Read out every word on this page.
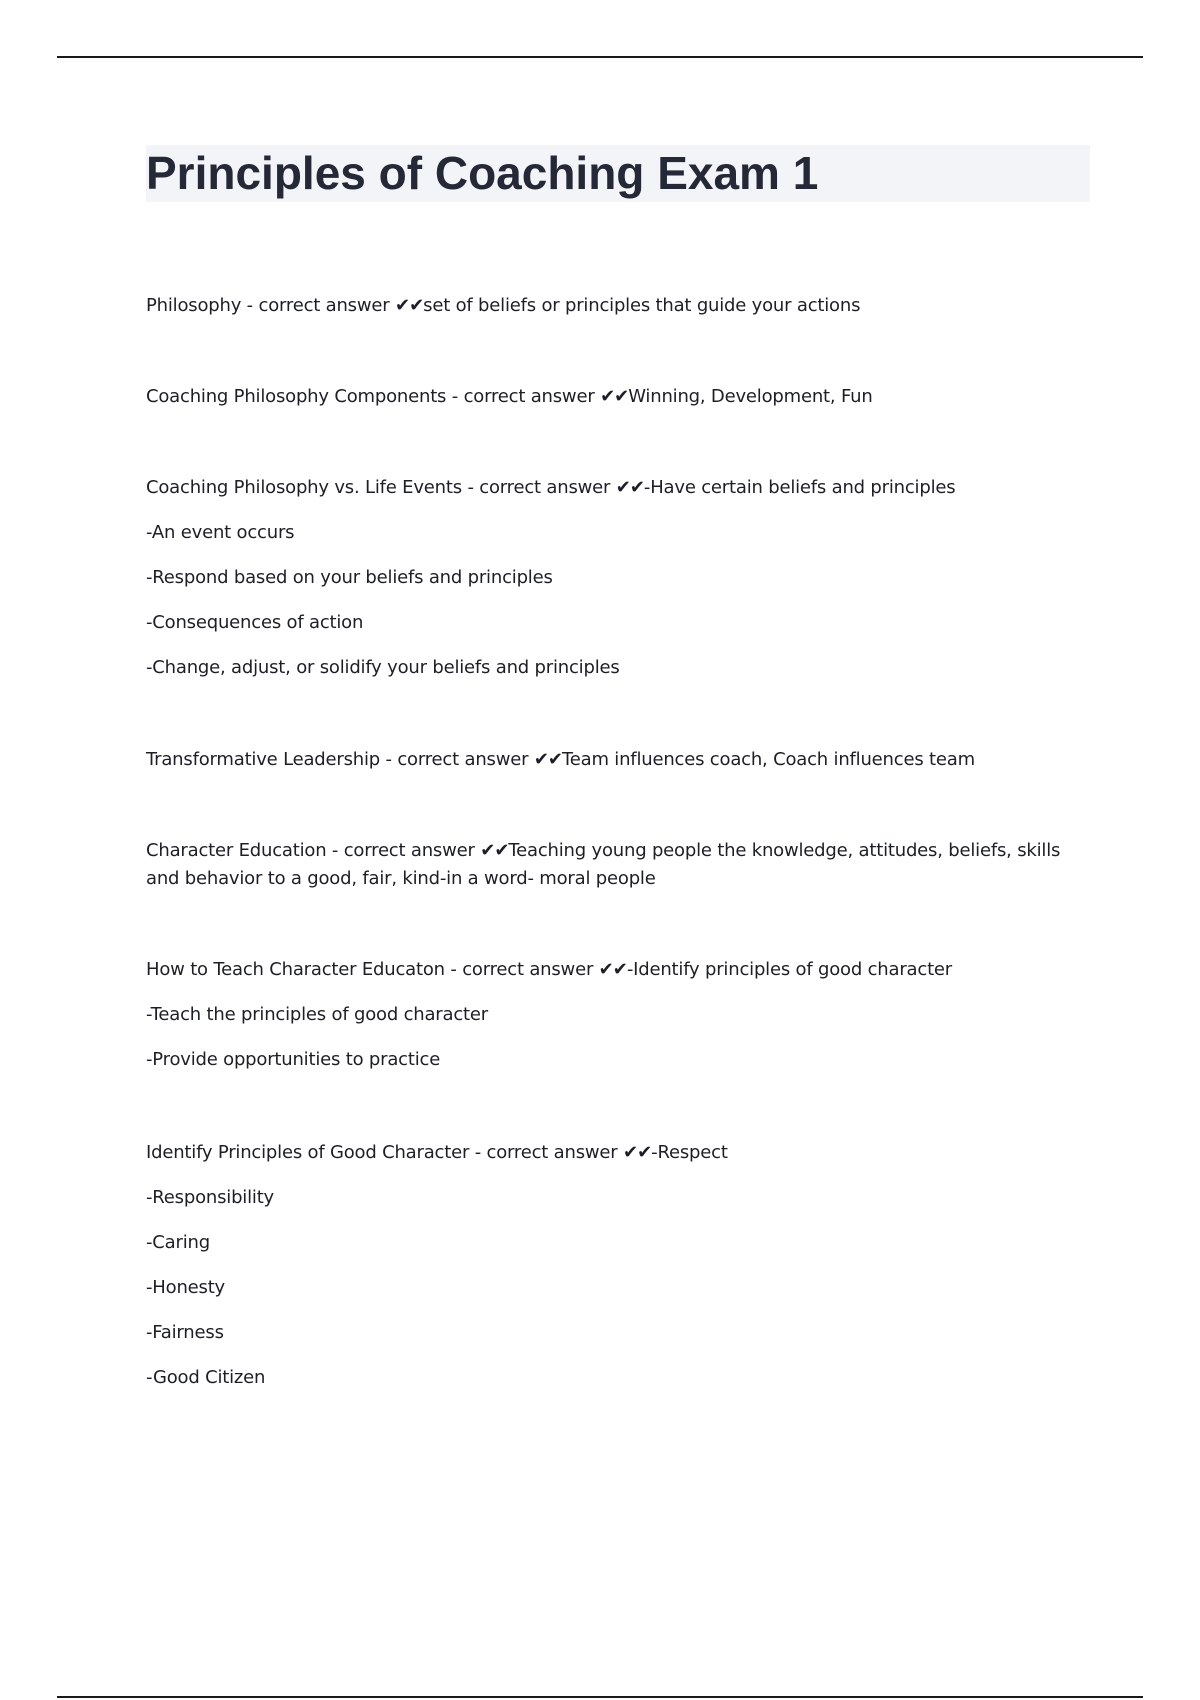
Principles of Coaching Exam 1
Philosophy - correct answer ✔✔set of beliefs or principles that guide your actions
Coaching Philosophy Components - correct answer ✔✔Winning, Development, Fun
Coaching Philosophy vs. Life Events - correct answer ✔✔-Have certain beliefs and principles
-An event occurs
-Respond based on your beliefs and principles
-Consequences of action
-Change, adjust, or solidify your beliefs and principles
Transformative Leadership - correct answer ✔✔Team influences coach, Coach influences team
Character Education - correct answer ✔✔Teaching young people the knowledge, attitudes, beliefs, skills and behavior to a good, fair, kind-in a word- moral people
How to Teach Character Educaton - correct answer ✔✔-Identify principles of good character
-Teach the principles of good character
-Provide opportunities to practice
Identify Principles of Good Character - correct answer ✔✔-Respect
-Responsibility
-Caring
-Honesty
-Fairness
-Good Citizen
